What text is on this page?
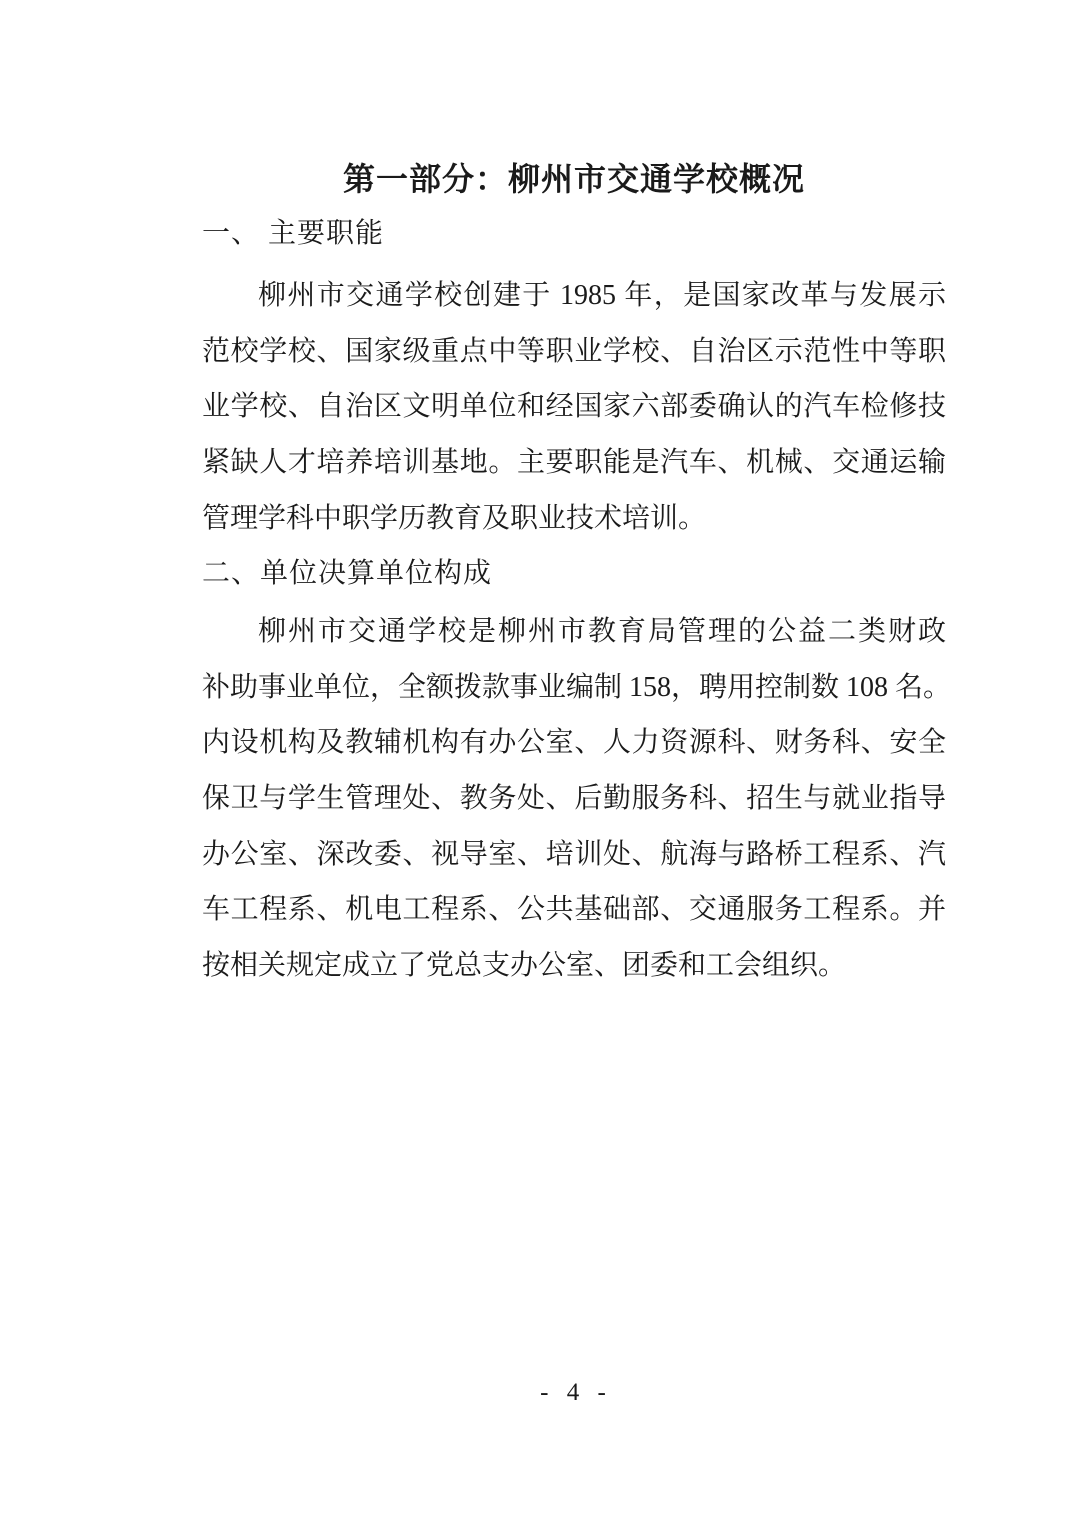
第一部分：柳州市交通学校概况
一、 主要职能
柳州市交通学校创建于 1985 年，是国家改革与发展示
范校学校、国家级重点中等职业学校、自治区示范性中等职
业学校、自治区文明单位和经国家六部委确认的汽车检修技
紧缺人才培养培训基地。主要职能是汽车、机械、交通运输
管理学科中职学历教育及职业技术培训。
二、单位决算单位构成
柳州市交通学校是柳州市教育局管理的公益二类财政
补助事业单位，全额拨款事业编制 158，聘用控制数 108 名。
内设机构及教辅机构有办公室、人力资源科、财务科、安全
保卫与学生管理处、教务处、后勤服务科、招生与就业指导
办公室、深改委、视导室、培训处、航海与路桥工程系、汽
车工程系、机电工程系、公共基础部、交通服务工程系。并
按相关规定成立了党总支办公室、团委和工会组织。
- 4 -
